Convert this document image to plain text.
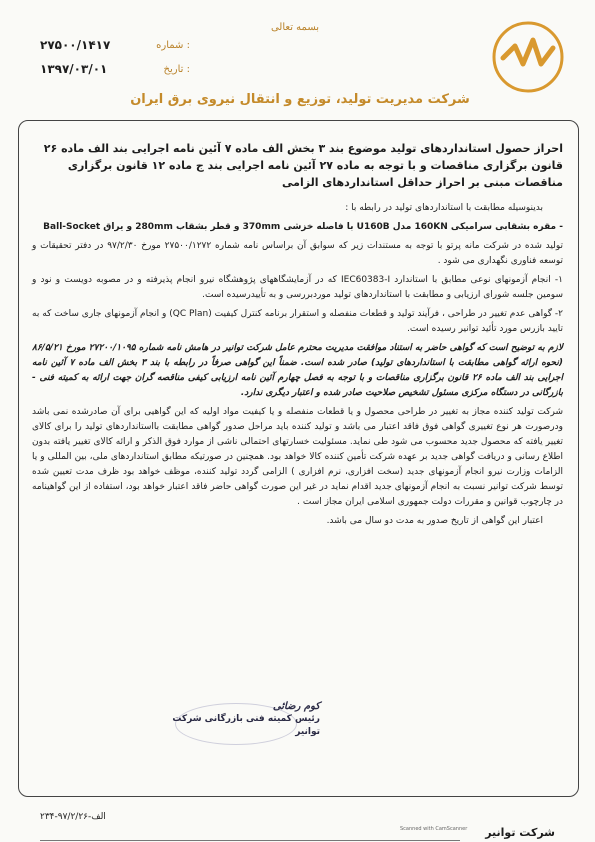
بسمه تعالی
۲۷۵۰۰/۱۴۱۷	شماره :
۱۳۹۷/۰۳/۰۱	تاریخ :
شرکت مدیریت تولید، توزیع و انتقال نیروی برق ایران

احراز حصول استانداردهای تولید موضوع بند ۳ بخش الف ماده ۷ آئین نامه اجرایی بند الف ماده ۲۶ قانون برگزاری مناقصات و با توجه به ماده ۲۷ آئین نامه اجرایی بند ج ماده ۱۲ قانون برگزاری مناقصات مبنی بر احراز حداقل استانداردهای الزامی

بدینوسیله مطابقت با استانداردهای تولید در رابطه با :

- مقره بشقابی سرامیکی 160KN مدل U160B با فاصله خزشی 370mm و قطر بشقاب 280mm و یراق Ball-Socket

تولید شده در شرکت مانه پرتو با توجه به مستندات زیر که سوابق آن براساس نامه شماره ۲۷۵۰۰/۱۲۷۲ مورخ ۹۷/۲/۳۰ در دفتر تحقیقات و توسعه فناوری نگهداری می شود .

۱- انجام آزمونهای نوعی مطابق با استاندارد IEC60383-I که در آزمایشگاههای پژوهشگاه نیرو انجام پذیرفته و در مصوبه دویست و نود و سومین جلسه شورای ارزیابی و مطابقت با استانداردهای تولید موردبررسی و به تأییدرسیده است.

۲- گواهی عدم تغییر در طراحی ، فرآیند تولید و قطعات منفصله و استقرار برنامه کنترل کیفیت (QC Plan) و انجام آزمونهای جاری ساخت که به تایید بازرس مورد تأئید توانیر رسیده است.

لازم به توضیح است که گواهی حاضر به استناد موافقت مدیریت محترم عامل شرکت توانیر در هامش نامه شماره ۲۷۲۰۰/۱۰۹۵ مورخ ۸۶/۵/۲۱ (نحوه ارائه گواهی مطابقت با استانداردهای تولید) صادر شده است. ضمناً این گواهی صرفاً در رابطه با بند ۳ بخش الف ماده ۷ آئین نامه اجرایی بند الف ماده ۲۶ قانون برگزاری مناقصات و با توجه به فصل چهارم آئین نامه ارزیابی کیفی مناقصه گران جهت ارائه به کمیته فنی - بازرگانی در دستگاه مرکزی مسئول تشخیص صلاحیت صادر شده و اعتبار دیگری ندارد.

شرکت تولید کننده مجاز به تغییر در طراحی محصول و یا قطعات منفصله و یا کیفیت مواد اولیه که این گواهیی برای آن صادرشده نمی باشد ودرصورت هر نوع تغییری گواهی فوق فاقد اعتبار می باشد و تولید کننده باید مراحل صدور گواهی مطابقت بااستانداردهای تولید را برای کالای تغییر یافته که محصول جدید محسوب می شود طی نماید. مسئولیت خسارتهای احتمالی ناشی از موارد فوق الذکر و ارائه کالای تغییر یافته بدون اطلاع رسانی و دریافت گواهی جدید بر عهده شرکت تأمین کننده کالا خواهد بود. همچنین در صورتیکه مطابق استانداردهای ملی، بین المللی و یا الزامات وزارت نیرو انجام آزمونهای جدید (سخت افزاری، نرم افزاری ) الزامی گردد تولید کننده، موظف خواهد بود ظرف مدت تعیین شده توسط شرکت توانیر نسبت به انجام آزمونهای جدید اقدام نماید در غیر این صورت گواهی حاضر فاقد اعتبار خواهد بود، استفاده از این گواهینامه در چارچوب قوانین و مقررات دولت جمهوری اسلامی ایران مجاز است .

اعتبار این گواهی از تاریخ صدور به مدت دو سال می باشد.

کوم رضائی
رئیس کمیته فنی بازرگانی شرکت توانیر
الف-۹۷/۲/۲۶-۲۳۴
شرکت توانیر
Scanned with CamScanner
